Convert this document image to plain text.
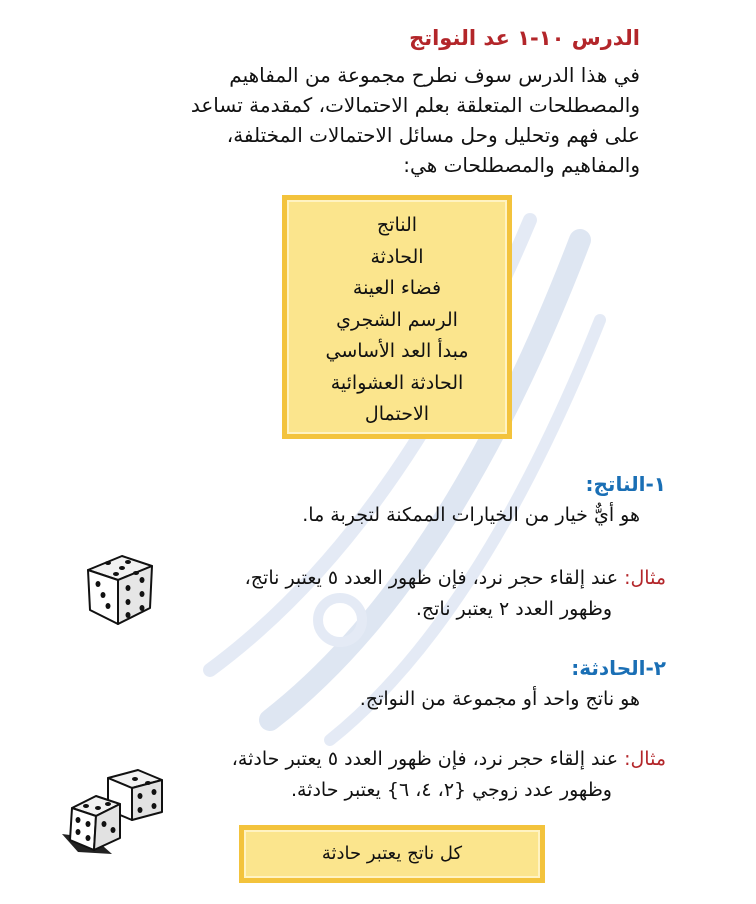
الدرس ١٠-١ عد النواتج
في هذا الدرس سوف نطرح مجموعة من المفاهيم
والمصطلحات المتعلقة بعلم الاحتمالات، كمقدمة تساعد
على فهم وتحليل وحل مسائل الاحتمالات المختلفة،
والمفاهيم والمصطلحات هي:
الناتج
الحادثة
فضاء العينة
الرسم الشجري
مبدأ العد الأساسي
الحادثة العشوائية
الاحتمال
١-الناتج:
هو أيٌّ خيار من الخيارات الممكنة لتجربة ما.
مثال: عند إلقاء حجر نرد، فإن ظهور العدد ٥ يعتبر ناتج،
وظهور العدد ٢ يعتبر ناتج.
٢-الحادثة:
هو ناتج واحد أو مجموعة من النواتج.
مثال: عند إلقاء حجر نرد، فإن ظهور العدد ٥ يعتبر حادثة،
وظهور عدد زوجي {٢، ٤، ٦} يعتبر حادثة.
كل ناتج يعتبر حادثة
